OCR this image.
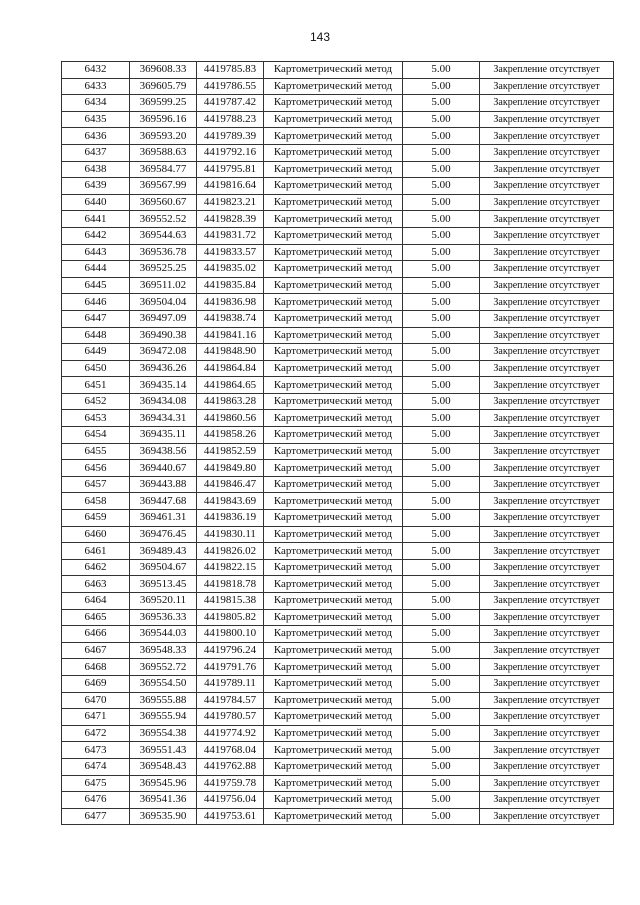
143
6432	369608.33	4419785.83	Картометрический метод	5.00	Закрепление отсутствует
6433	369605.79	4419786.55	Картометрический метод	5.00	Закрепление отсутствует
6434	369599.25	4419787.42	Картометрический метод	5.00	Закрепление отсутствует
6435	369596.16	4419788.23	Картометрический метод	5.00	Закрепление отсутствует
6436	369593.20	4419789.39	Картометрический метод	5.00	Закрепление отсутствует
6437	369588.63	4419792.16	Картометрический метод	5.00	Закрепление отсутствует
6438	369584.77	4419795.81	Картометрический метод	5.00	Закрепление отсутствует
6439	369567.99	4419816.64	Картометрический метод	5.00	Закрепление отсутствует
6440	369560.67	4419823.21	Картометрический метод	5.00	Закрепление отсутствует
6441	369552.52	4419828.39	Картометрический метод	5.00	Закрепление отсутствует
6442	369544.63	4419831.72	Картометрический метод	5.00	Закрепление отсутствует
6443	369536.78	4419833.57	Картометрический метод	5.00	Закрепление отсутствует
6444	369525.25	4419835.02	Картометрический метод	5.00	Закрепление отсутствует
6445	369511.02	4419835.84	Картометрический метод	5.00	Закрепление отсутствует
6446	369504.04	4419836.98	Картометрический метод	5.00	Закрепление отсутствует
6447	369497.09	4419838.74	Картометрический метод	5.00	Закрепление отсутствует
6448	369490.38	4419841.16	Картометрический метод	5.00	Закрепление отсутствует
6449	369472.08	4419848.90	Картометрический метод	5.00	Закрепление отсутствует
6450	369436.26	4419864.84	Картометрический метод	5.00	Закрепление отсутствует
6451	369435.14	4419864.65	Картометрический метод	5.00	Закрепление отсутствует
6452	369434.08	4419863.28	Картометрический метод	5.00	Закрепление отсутствует
6453	369434.31	4419860.56	Картометрический метод	5.00	Закрепление отсутствует
6454	369435.11	4419858.26	Картометрический метод	5.00	Закрепление отсутствует
6455	369438.56	4419852.59	Картометрический метод	5.00	Закрепление отсутствует
6456	369440.67	4419849.80	Картометрический метод	5.00	Закрепление отсутствует
6457	369443.88	4419846.47	Картометрический метод	5.00	Закрепление отсутствует
6458	369447.68	4419843.69	Картометрический метод	5.00	Закрепление отсутствует
6459	369461.31	4419836.19	Картометрический метод	5.00	Закрепление отсутствует
6460	369476.45	4419830.11	Картометрический метод	5.00	Закрепление отсутствует
6461	369489.43	4419826.02	Картометрический метод	5.00	Закрепление отсутствует
6462	369504.67	4419822.15	Картометрический метод	5.00	Закрепление отсутствует
6463	369513.45	4419818.78	Картометрический метод	5.00	Закрепление отсутствует
6464	369520.11	4419815.38	Картометрический метод	5.00	Закрепление отсутствует
6465	369536.33	4419805.82	Картометрический метод	5.00	Закрепление отсутствует
6466	369544.03	4419800.10	Картометрический метод	5.00	Закрепление отсутствует
6467	369548.33	4419796.24	Картометрический метод	5.00	Закрепление отсутствует
6468	369552.72	4419791.76	Картометрический метод	5.00	Закрепление отсутствует
6469	369554.50	4419789.11	Картометрический метод	5.00	Закрепление отсутствует
6470	369555.88	4419784.57	Картометрический метод	5.00	Закрепление отсутствует
6471	369555.94	4419780.57	Картометрический метод	5.00	Закрепление отсутствует
6472	369554.38	4419774.92	Картометрический метод	5.00	Закрепление отсутствует
6473	369551.43	4419768.04	Картометрический метод	5.00	Закрепление отсутствует
6474	369548.43	4419762.88	Картометрический метод	5.00	Закрепление отсутствует
6475	369545.96	4419759.78	Картометрический метод	5.00	Закрепление отсутствует
6476	369541.36	4419756.04	Картометрический метод	5.00	Закрепление отсутствует
6477	369535.90	4419753.61	Картометрический метод	5.00	Закрепление отсутствует
